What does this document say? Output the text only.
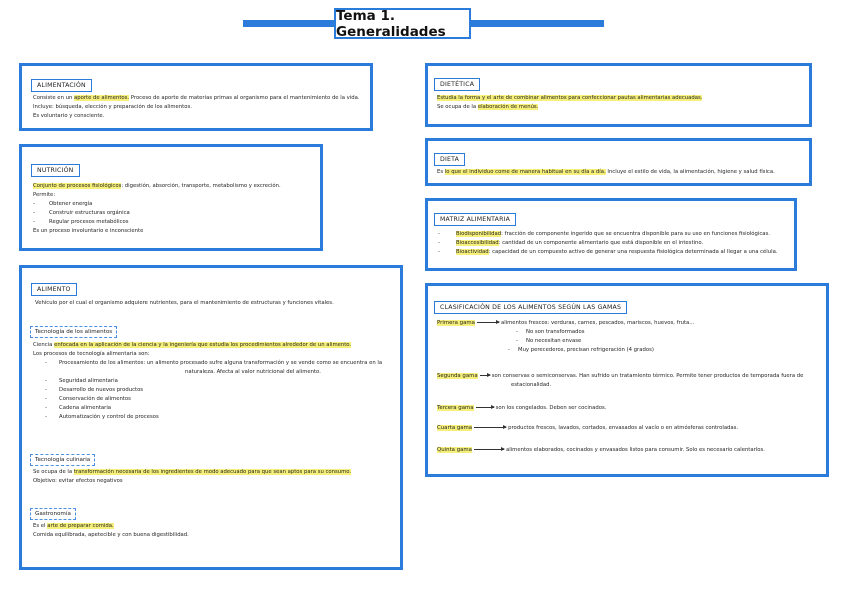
Tema 1. Generalidades
ALIMENTACIÓN
Consiste en un aporte de alimentos. Proceso de aporte de materias primas al organismo para el mantenimiento de la vida.
Incluye: búsqueda, elección y preparación de los alimentos.
Es voluntario y consciente.
NUTRICIÓN
Conjunto de procesos fisiológicos: digestión, absorción, transporte, metabolismo y excreción.
Permite:
- Obtener energía
- Construir estructuras orgánica
- Regular procesos metabólicos
Es un proceso involuntario e inconsciente
ALIMENTO
Vehículo por el cual el organismo adquiere nutrientes, para el mantenimiento de estructuras y funciones vitales.
Tecnología de los alimentos
Ciencia enfocada en la aplicación de la ciencia y la ingeniería que estudia los procedimientos alrededor de un alimento.
Los procesos de tecnología alimentaria son:
- Procesamiento de los alimentos: un alimento procesado sufre alguna transformación y se vende como se encuentra en la
naturaleza. Afecta al valor nutricional del alimento.
- Seguridad alimentaria
- Desarrollo de nuevos productos
- Conservación de alimentos
- Cadena alimentaria
- Automatización y control de procesos
Tecnología culinaria
Se ocupa de la transformación necesaria de los ingredientes de modo adecuado para que sean aptos para su consumo.
Objetivo: evitar efectos negativos
Gastronomía
Es el arte de preparar comida.
Comida equilibrada, apetecible y con buena digestibilidad.
DIETÉTICA
Estudia la forma y el arte de combinar alimentos para confeccionar pautas alimentarias adecuadas.
Se ocupa de la elaboración de menús.
DIETA
Es lo que el individuo come de manera habitual en su día a día. Incluye el estilo de vida, la alimentación, higiene y salud física.
MATRIZ ALIMENTARIA
- Biodisponibilidad: fracción de componente ingerido que se encuentra disponible para su uso en funciones fisiológicas.
- Bioaccesibilidad: cantidad de un componente alimentario que está disponible en el intestino.
- Bioactividad: capacidad de un compuesto activo de generar una respuesta fisiológica determinada al llegar a una célula.
CLASIFICACIÓN DE LOS ALIMENTOS SEGÚN LAS GAMAS
Primera gama	alimentos frescos: verduras, carnes, pescados, mariscos, huevos, fruta...
- No son transformados
- No necesitan envase
- Muy perecederos, precisan refrigeración (4 grados)
Segunda gama	son conservas o semiconservas. Han sufrido un tratamiento térmico. Permite tener productos de temporada fuera de
estacionalidad.
Tercera gama	son los congelados. Deben ser cocinados.
Cuarta gama	productos frescos, lavados, cortados, envasados al vacío o en atmósferas controladas.
Quinta gama	alimentos elaborados, cocinados y envasados listos para consumir. Solo es necesario calentarlos.
